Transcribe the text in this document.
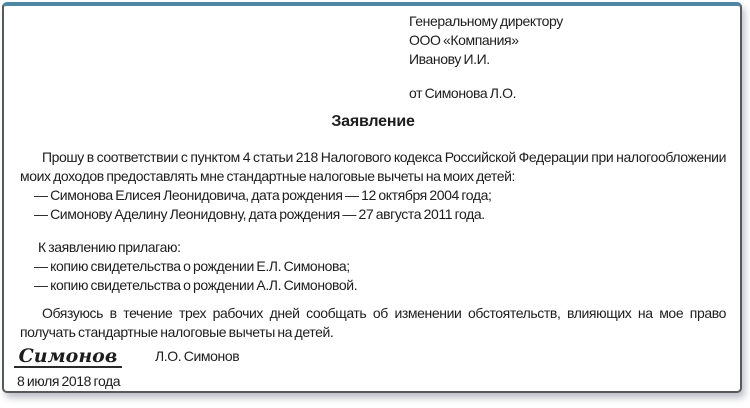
Генеральному директору
ООО «Компания»
Иванову И.И.
от Симонова Л.О.
Заявление

Прошу в соответствии с пунктом 4 статьи 218 Налогового кодекса Российской Федерации при налогообложении моих доходов предоставлять мне стандартные налоговые вычеты на моих детей:

— Симонова Елисея Леонидовича, дата рождения — 12 октября 2004 года;
— Симонову Аделину Леонидовну, дата рождения — 27 августа 2011 года.
К заявлению прилагаю:
— копию свидетельства о рождении Е.Л. Симонова;
— копию свидетельства о рождении А.Л. Симоновой.

Обязуюсь в течение трех рабочих дней сообщать об изменении обстоятельств, влияющих на мое право получать стандартные налоговые вычеты на детей.

Симонов	Л.О. Симонов
8 июля 2018 года
